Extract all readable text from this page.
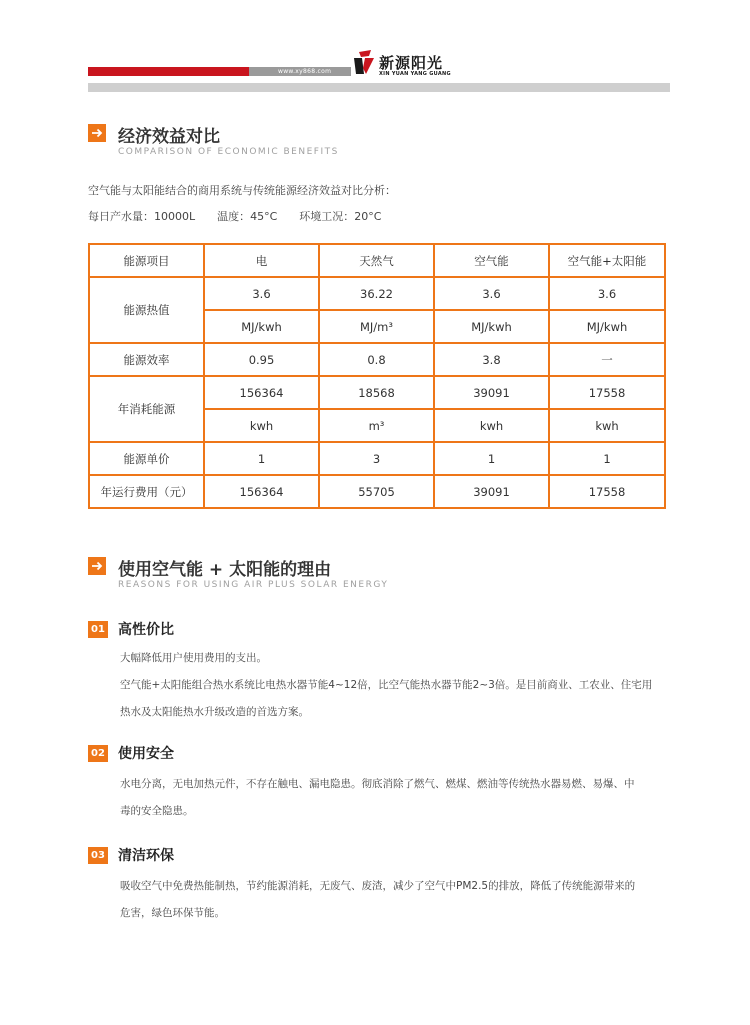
www.xy868.com	新源阳光
XIN YUAN YANG GUANG
经济效益对比
COMPARISON OF ECONOMIC BENEFITS
空气能与太阳能结合的商用系统与传统能源经济效益对比分析：
每日产水量：10000L　　温度：45°C　　环境工况：20°C
能源项目	电	天然气	空气能	空气能+太阳能
能源热值	3.6	36.22	3.6	3.6
	MJ/kwh	MJ/m³	MJ/kwh	MJ/kwh
能源效率	0.95	0.8	3.8	一
年消耗能源	156364	18568	39091	17558
	kwh	m³	kwh	kwh
能源单价	1	3	1	1
年运行费用（元）	156364	55705	39091	17558
使用空气能 + 太阳能的理由
REASONS FOR USING AIR PLUS SOLAR ENERGY
01 高性价比

大幅降低用户使用费用的支出。

空气能+太阳能组合热水系统比电热水器节能4~12倍，比空气能热水器节能2~3倍。是目前商业、工农业、住宅用

热水及太阳能热水升级改造的首选方案。

02 使用安全

水电分离，无电加热元件，不存在触电、漏电隐患。彻底消除了燃气、燃煤、燃油等传统热水器易燃、易爆、中

毒的安全隐患。

03 清洁环保

吸收空气中免费热能制热，节约能源消耗，无废气、废渣，减少了空气中PM2.5的排放，降低了传统能源带来的

危害，绿色环保节能。
